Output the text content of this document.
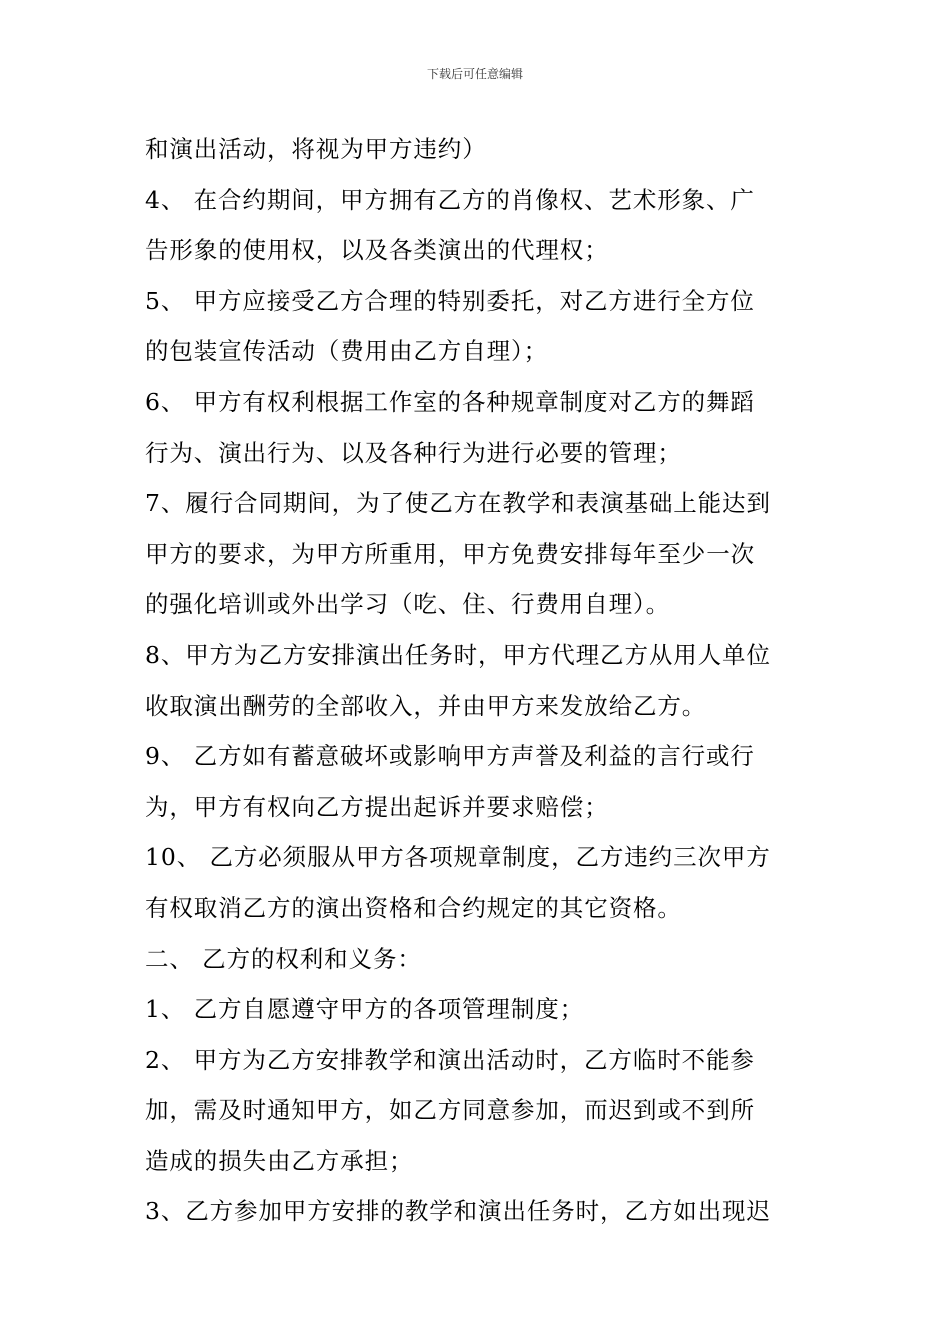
下载后可任意编辑
和演出活动，将视为甲方违约）
4、 在合约期间，甲方拥有乙方的肖像权、艺术形象、广
告形象的使用权，以及各类演出的代理权；
5、 甲方应接受乙方合理的特别委托，对乙方进行全方位
的包装宣传活动（费用由乙方自理）；
6、 甲方有权利根据工作室的各种规章制度对乙方的舞蹈
行为、演出行为、以及各种行为进行必要的管理；
7、履行合同期间，为了使乙方在教学和表演基础上能达到
甲方的要求，为甲方所重用，甲方免费安排每年至少一次
的强化培训或外出学习（吃、住、行费用自理）。
8、甲方为乙方安排演出任务时，甲方代理乙方从用人单位
收取演出酬劳的全部收入，并由甲方来发放给乙方。
9、 乙方如有蓄意破坏或影响甲方声誉及利益的言行或行
为，甲方有权向乙方提出起诉并要求赔偿；
10、 乙方必须服从甲方各项规章制度，乙方违约三次甲方
有权取消乙方的演出资格和合约规定的其它资格。
二、 乙方的权利和义务：
1、 乙方自愿遵守甲方的各项管理制度；
2、 甲方为乙方安排教学和演出活动时，乙方临时不能参
加，需及时通知甲方，如乙方同意参加，而迟到或不到所
造成的损失由乙方承担；
3、乙方参加甲方安排的教学和演出任务时，乙方如出现迟
